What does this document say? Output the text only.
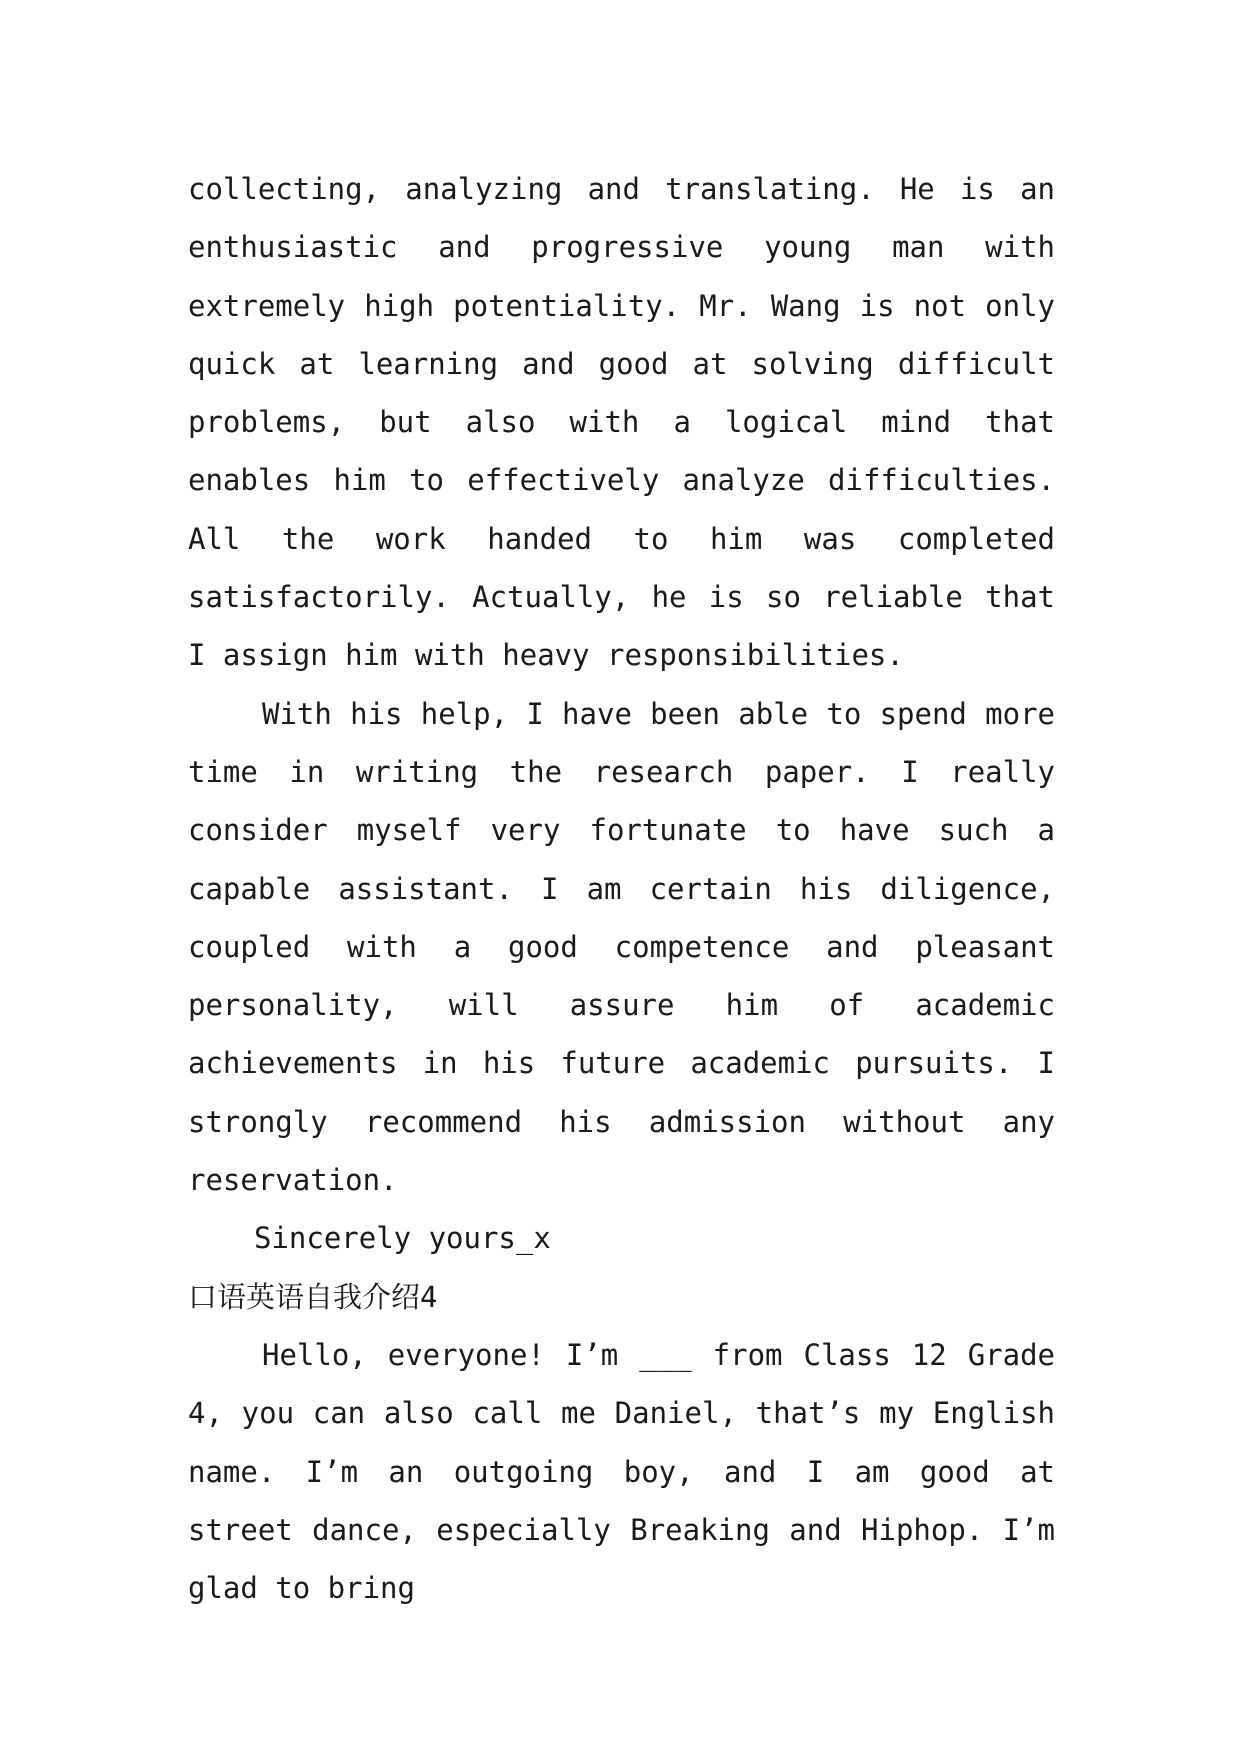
collecting, analyzing and translating. He is an enthusiastic and progressive young man with extremely high potentiality. Mr. Wang is not only quick at learning and good at solving difficult problems, but also with a logical mind that enables him to effectively analyze difficulties. All the work handed to him was completed satisfactorily. Actually, he is so reliable that I assign him with heavy responsibilities.

With his help, I have been able to spend more time in writing the research paper. I really consider myself very fortunate to have such a capable assistant. I am certain his diligence, coupled with a good competence and pleasant personality, will assure him of academic achievements in his future academic pursuits. I strongly recommend his admission without any reservation.

Sincerely yours_x

口语英语自我介绍4

Hello, everyone! I’m ___ from Class 12 Grade 4, you can also call me Daniel, that’s my English name. I’m an outgoing boy, and I am good at street dance, especially Breaking and Hiphop. I’m glad to bring
